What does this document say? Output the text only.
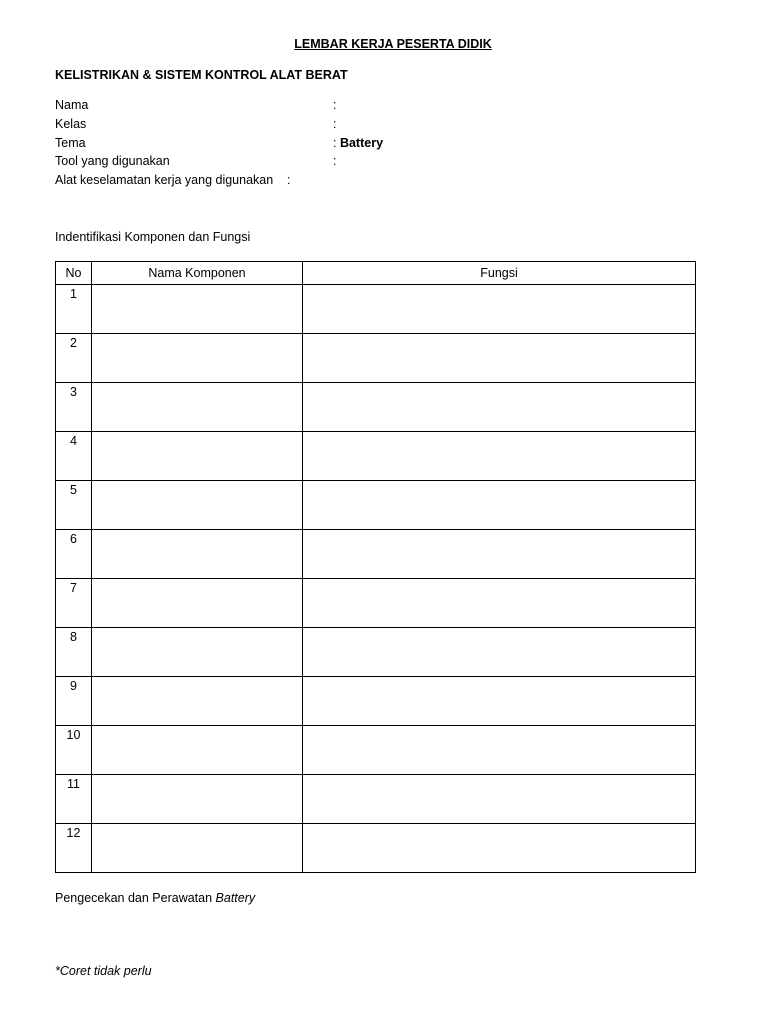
LEMBAR KERJA PESERTA DIDIK
KELISTRIKAN & SISTEM KONTROL ALAT BERAT
Nama	:
Kelas	:
Tema	: Battery
Tool yang digunakan	:
Alat keselamatan kerja yang digunakan :
Indentifikasi Komponen dan Fungsi
No	Nama Komponen	Fungsi
1		
2		
3		
4		
5		
6		
7		
8		
9		
10		
11		
12		
Pengecekan dan Perawatan Battery
*Coret tidak perlu
